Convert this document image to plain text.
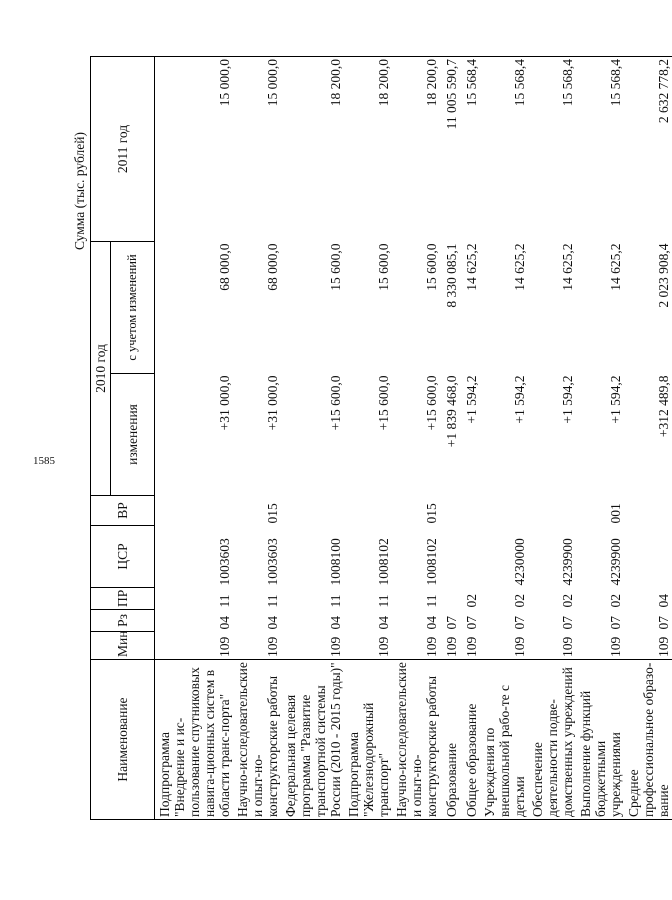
1585
Сумма (тыс. рублей)
Наименование	Мин	Рз	ПР	ЦСР	ВР	2010 год		2011 год
						изменения	с учетом изменений	
Подпрограмма "Внедрение и ис-пользование спутниковых навига-ционных систем в области транс-порта"	109	04	11	1003603		+31 000,0	68 000,0	15 000,0
Научно-исследовательские и опыт-но-конструкторские работы	109	04	11	1003603	015	+31 000,0	68 000,0	15 000,0
Федеральная целевая программа "Развитие транспортной системы России (2010 - 2015 годы)"	109	04	11	1008100		+15 600,0	15 600,0	18 200,0
Подпрограмма "Железнодорожный транспорт"	109	04	11	1008102		+15 600,0	15 600,0	18 200,0
Научно-исследовательские и опыт-но-конструкторские работы	109	04	11	1008102	015	+15 600,0	15 600,0	18 200,0
Образование	109	07				+1 839 468,0	8 330 085,1	11 005 590,7
Общее образование	109	07	02			+1 594,2	14 625,2	15 568,4
Учреждения по внешкольной рабо-те с детьми	109	07	02	4230000		+1 594,2	14 625,2	15 568,4
Обеспечение деятельности подве-домственных учреждений	109	07	02	4239900		+1 594,2	14 625,2	15 568,4
Выполнение функций бюджетными учреждениями	109	07	02	4239900	001	+1 594,2	14 625,2	15 568,4
Среднее профессиональное образо-вание	109	07	04			+312 489,8	2 023 908,4	2 632 778,2
